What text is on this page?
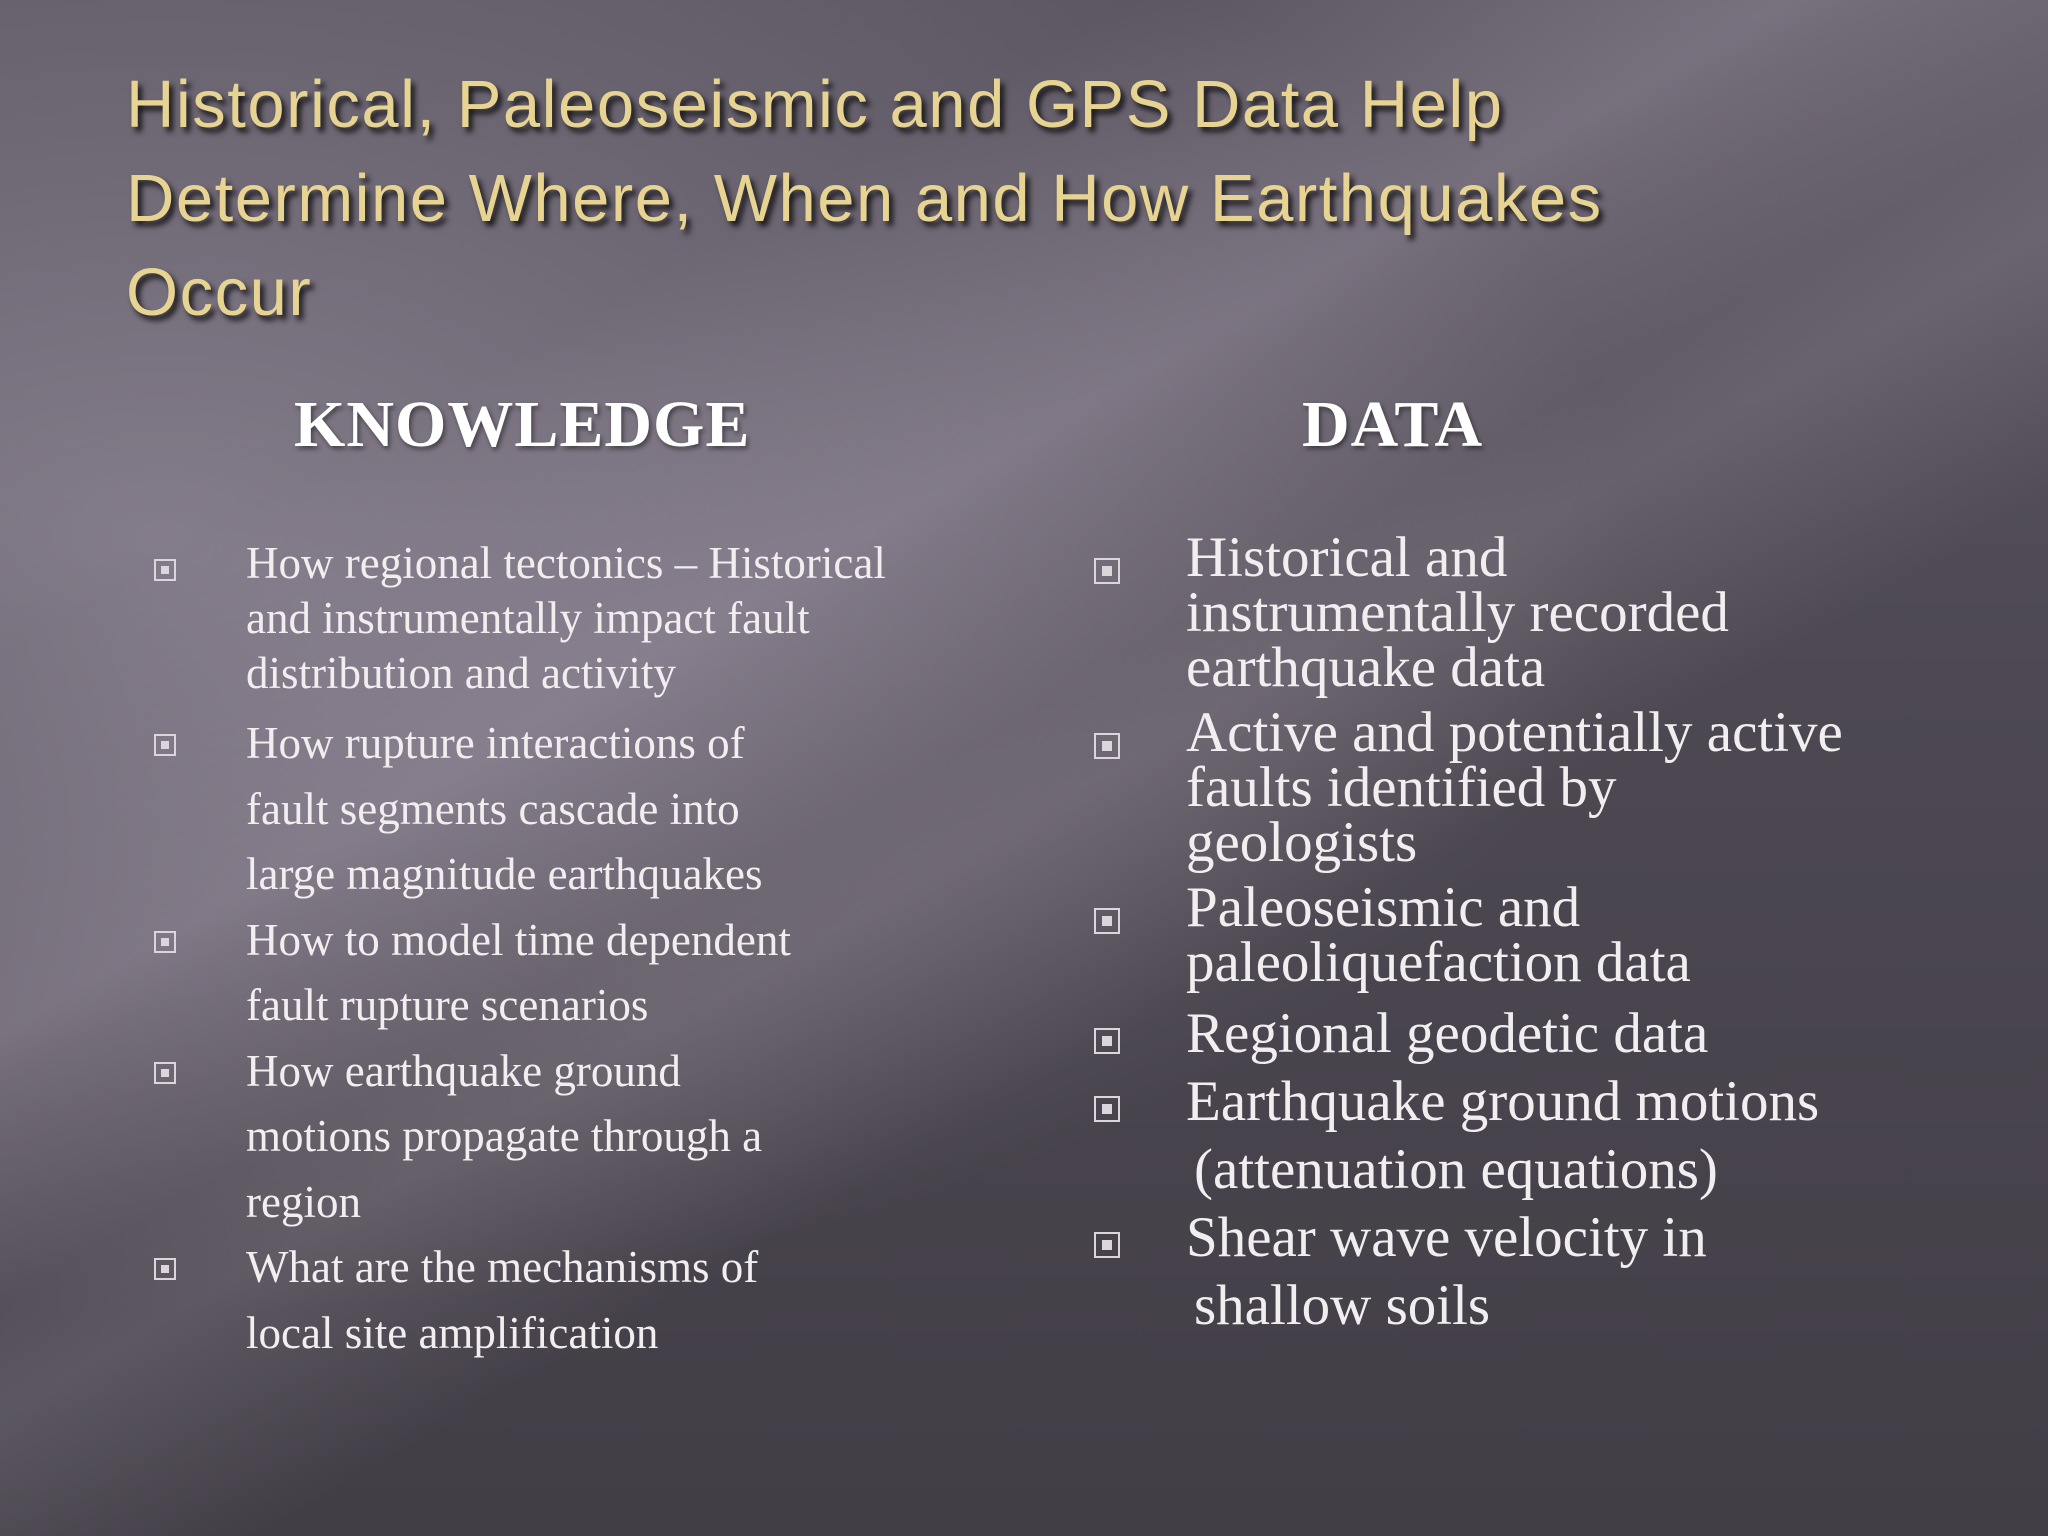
Historical, Paleoseismic and GPS Data Help
Determine Where, When and How Earthquakes
Occur
KNOWLEDGE	DATA
How regional tectonics – Historical
and instrumentally impact fault
distribution and activity
How rupture interactions of
fault segments cascade into
large magnitude earthquakes
How to model time dependent
fault rupture scenarios
How earthquake ground
motions propagate through a
region
What are the mechanisms of
local site amplification
Historical and
instrumentally recorded
earthquake data
Active and potentially active
faults identified by
geologists
Paleoseismic and
paleoliquefaction data
Regional geodetic data
Earthquake ground motions
(attenuation equations)
Shear wave velocity in
shallow soils
